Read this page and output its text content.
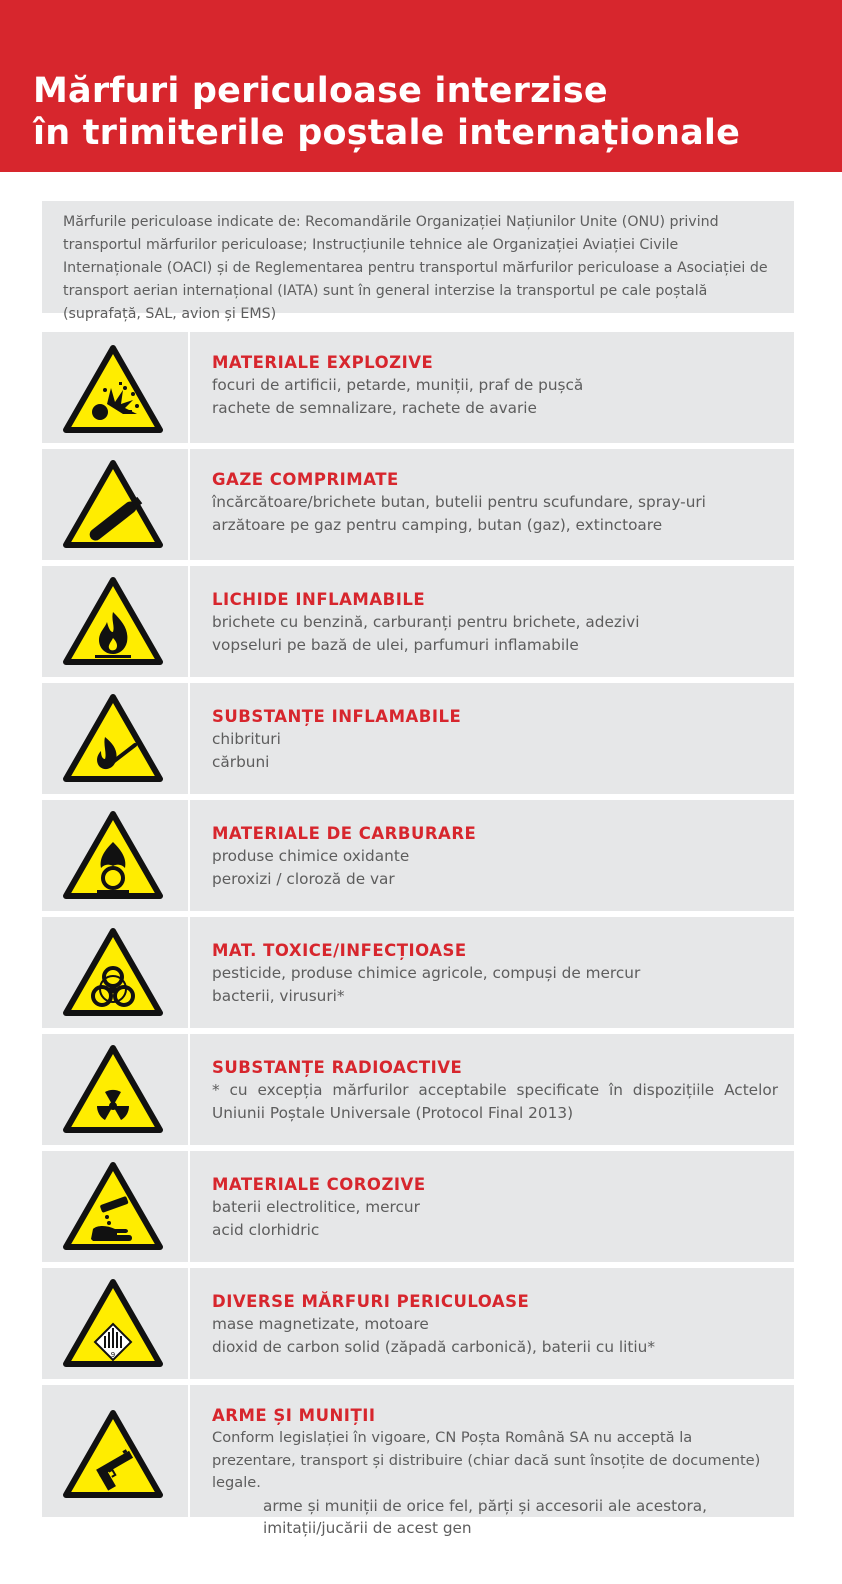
Mărfuri periculoase interzise
în trimiterile poștale internaționale

Mărfurile periculoase indicate de: Recomandările Organizației Națiunilor Unite (ONU) privind transportul mărfurilor periculoase; Instrucțiunile tehnice ale Organizației Aviației Civile Internaționale (OACI) și de Reglementarea pentru transportul mărfurilor periculoase a Asociației de transport aerian internațional (IATA) sunt în general interzise la transportul pe cale poștală (suprafață, SAL, avion și EMS)

MATERIALE EXPLOZIVE
focuri de artificii, petarde, muniții, praf de pușcă
rachete de semnalizare, rachete de avarie
GAZE COMPRIMATE
încărcătoare/brichete butan, butelii pentru scufundare, spray-uri
arzătoare pe gaz pentru camping, butan (gaz), extinctoare
LICHIDE INFLAMABILE
brichete cu benzină, carburanți pentru brichete, adezivi
vopseluri pe bază de ulei, parfumuri inflamabile
SUBSTANȚE INFLAMABILE
chibrituri
cărbuni
MATERIALE DE CARBURARE
produse chimice oxidante
peroxizi / cloroză de var
MAT. TOXICE/INFECȚIOASE
pesticide, produse chimice agricole, compuși de mercur
bacterii, virusuri*
SUBSTANȚE RADIOACTIVE
* cu excepția mărfurilor acceptabile specificate în dispozițiile Actelor Uniunii Poștale Universale (Protocol Final 2013)
MATERIALE COROZIVE
baterii electrolitice, mercur
acid clorhidric
9
DIVERSE MĂRFURI PERICULOASE
mase magnetizate, motoare
dioxid de carbon solid (zăpadă carbonică), baterii cu litiu*
ARME ȘI MUNIȚII
Conform legislației în vigoare, CN Poșta Română SA nu acceptă la prezentare, transport și distribuire (chiar dacă sunt însoțite de documente) legale.
arme și muniții de orice fel, părți și accesorii ale acestora,
imitații/jucării de acest gen
